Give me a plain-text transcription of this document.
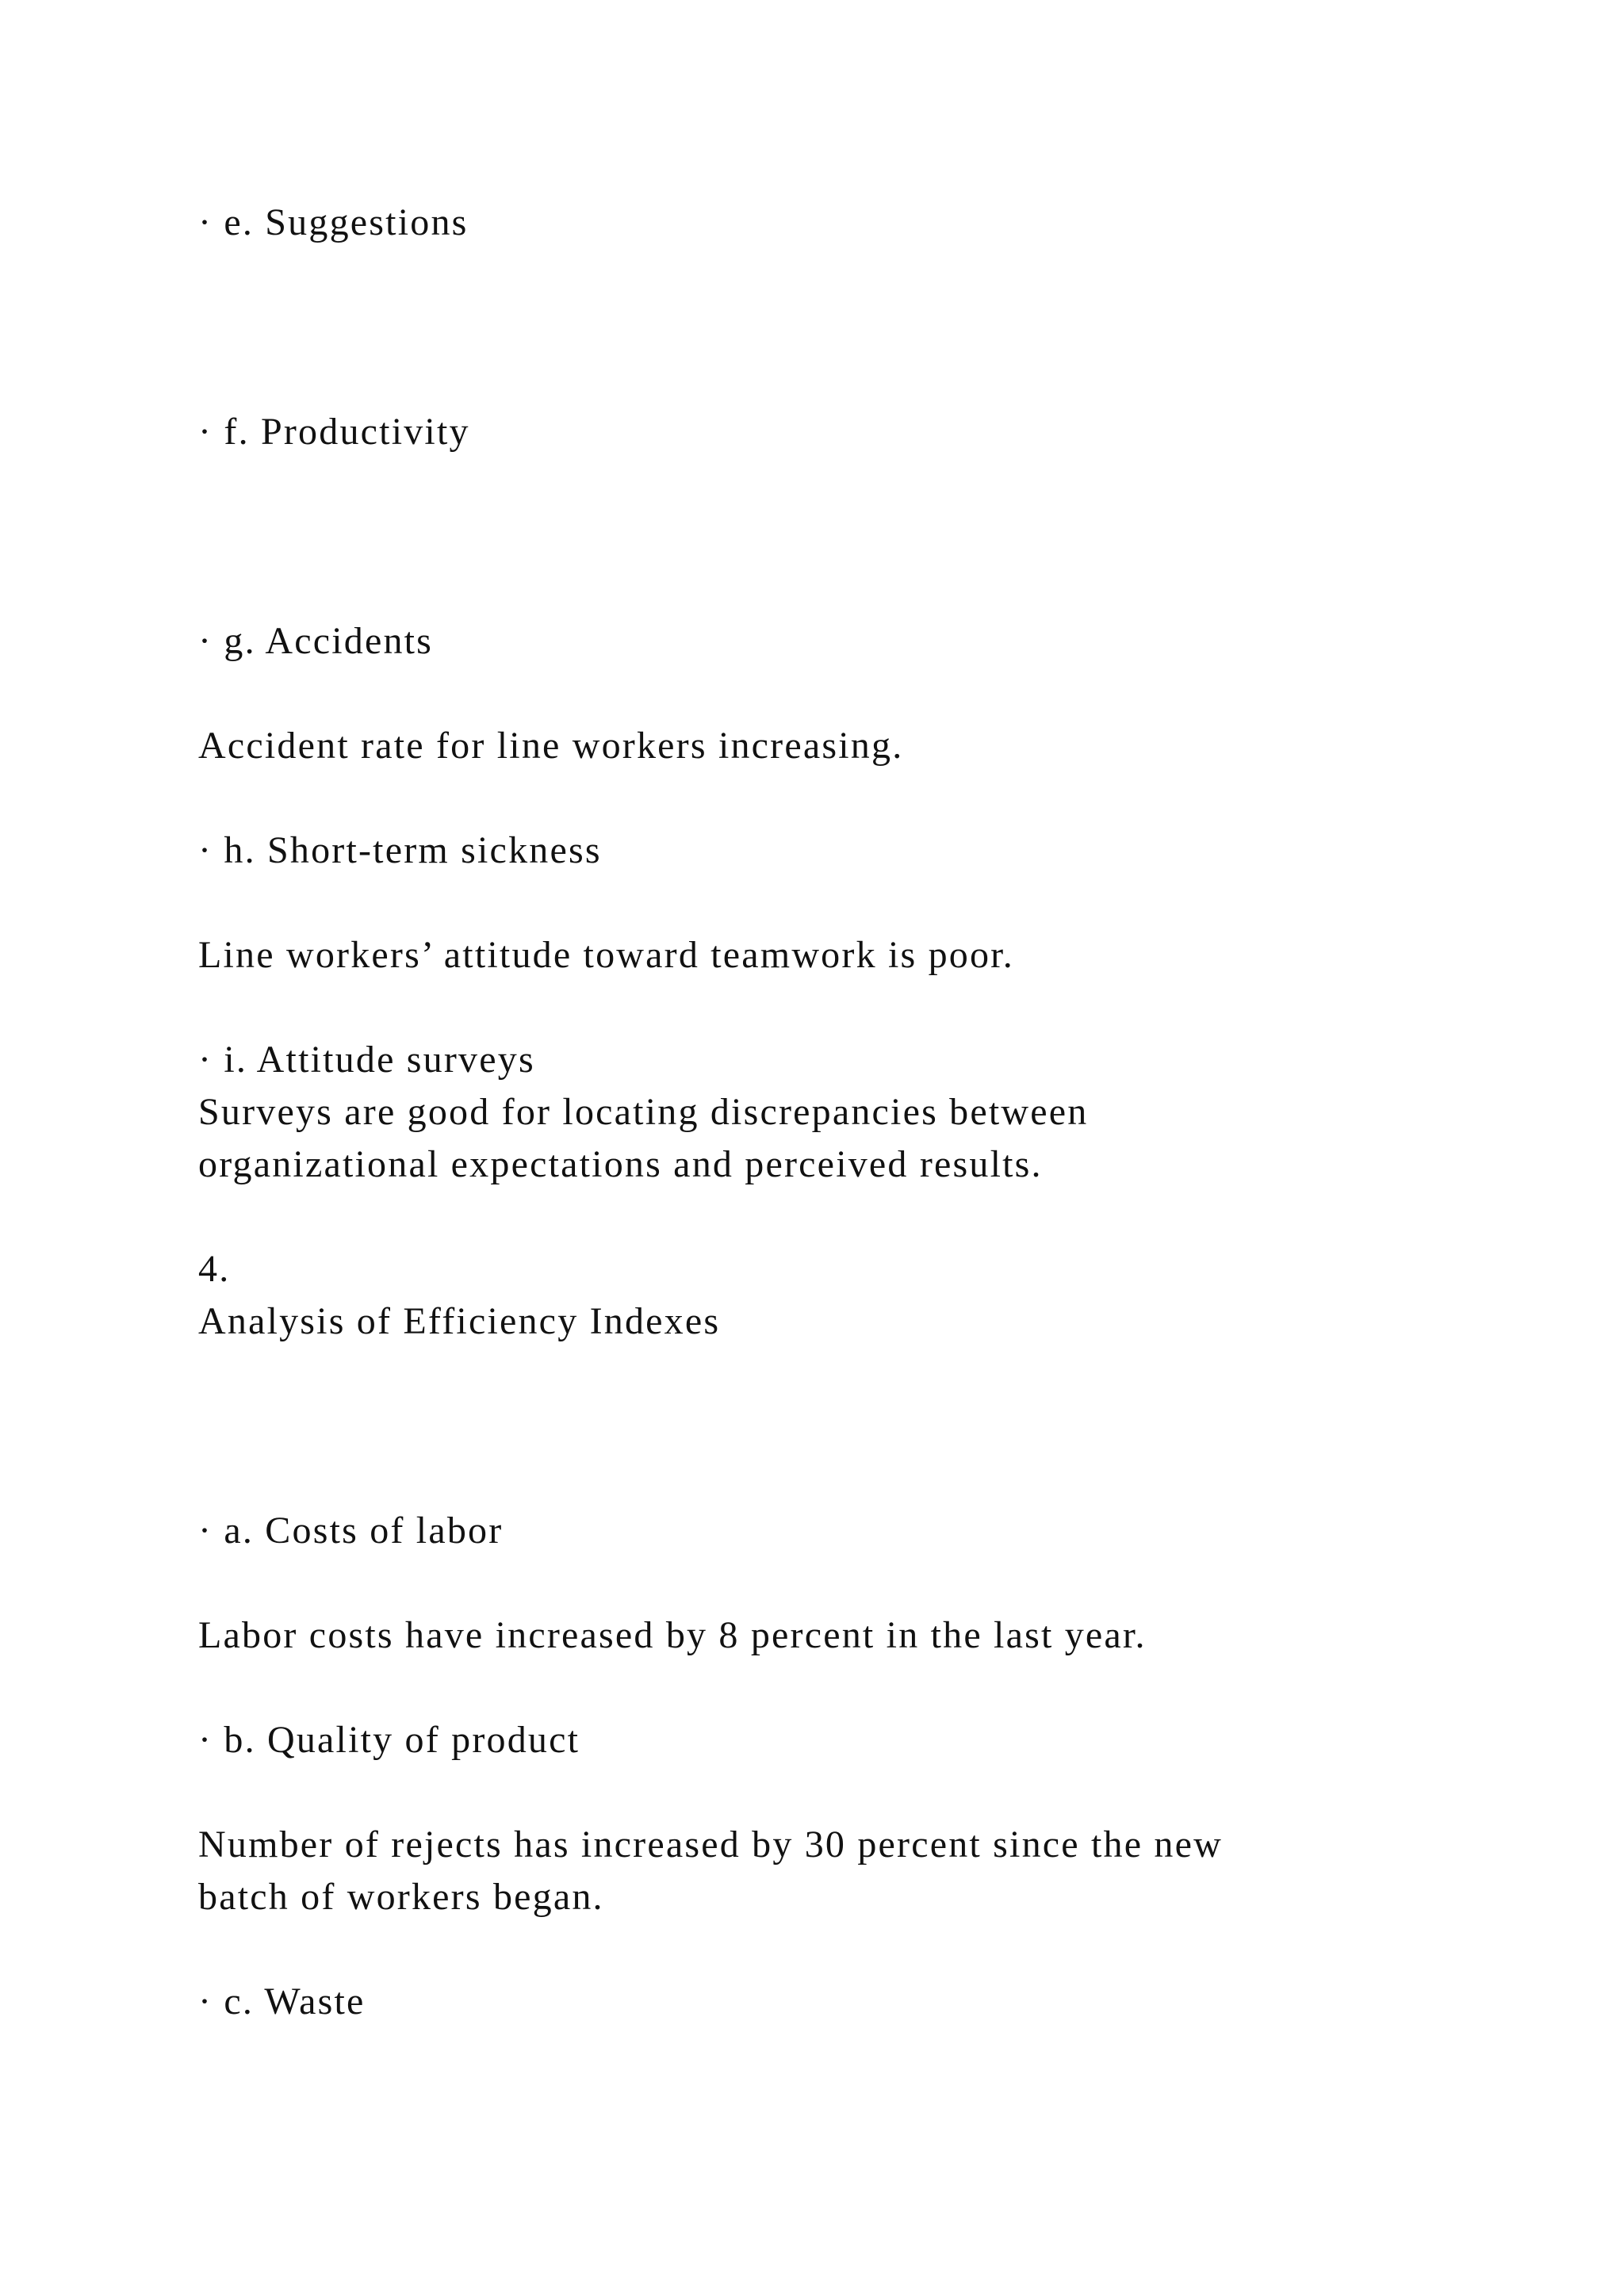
· e. Suggestions

· f. Productivity

· g. Accidents

Accident rate for line workers increasing.

· h. Short-term sickness

Line workers’ attitude toward teamwork is poor.

· i. Attitude surveys

Surveys are good for locating discrepancies between

organizational expectations and perceived results.

4.

Analysis of Efficiency Indexes

· a. Costs of labor

Labor costs have increased by 8 percent in the last year.

· b. Quality of product

Number of rejects has increased by 30 percent since the new

batch of workers began.

· c. Waste
